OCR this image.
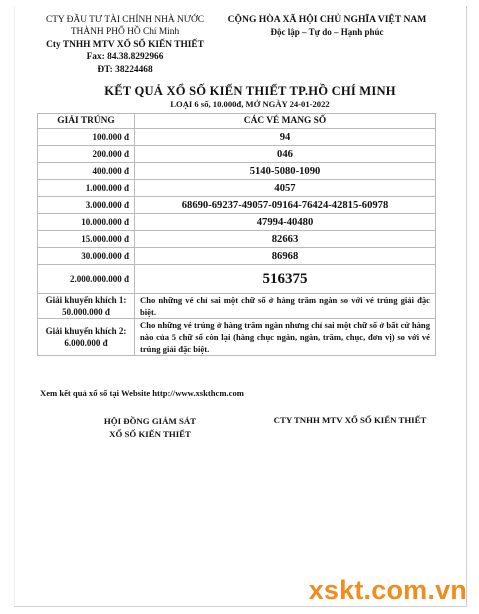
CTY ĐẦU TƯ TÀI CHÍNH NHÀ NƯỚC
THÀNH PHỐ HỒ Chí Minh
Cty TNHH MTV XỔ SỐ KIẾN THIẾT
Fax: 84.38.8292966
ĐT: 38224468
CỘNG HÒA XÃ HỘI CHỦ NGHĨA VIỆT NAM
Độc lập – Tự do – Hạnh phúc
KẾT QUẢ XỔ SỐ KIẾN THIẾT TP.HỒ CHÍ MINH
LOẠI 6 số, 10.000đ, MỞ NGÀY 24-01-2022
GIẢI TRÚNG	CÁC VÉ MANG SỐ
100.000 đ	94
200.000 đ	046
400.000 đ	5140-5080-1090
1.000.000 đ	4057
3.000.000 đ	68690-69237-49057-09164-76424-42815-60978
10.000.000 đ	47994-40480
15.000.000 đ	82663
30.000.000 đ	86968
2.000.000.000 đ	516375

Giải khuyến khích 1:
50.000.000 đ	Cho những vé chỉ sai một chữ số ở hàng trăm ngàn so với vé trúng giải đặc biệt.

Giải khuyến khích 2:
6.000.000 đ	Cho những vé trúng ở hàng trăm ngàn nhưng chỉ sai một chữ số ở bất cứ hàng nào của 5 chữ số còn lại (hàng chục ngàn, ngàn, trăm, chục, đơn vị) so với vé trúng giải đặc biệt.
Xem kết quả xổ số tại Website http://www.xskthcm.com
HỘI ĐỒNG GIÁM SÁT
XỔ SỐ KIẾN THIẾT
CTY TNHH MTV XỔ SỐ KIẾN THIẾT
xskt.com.vn
